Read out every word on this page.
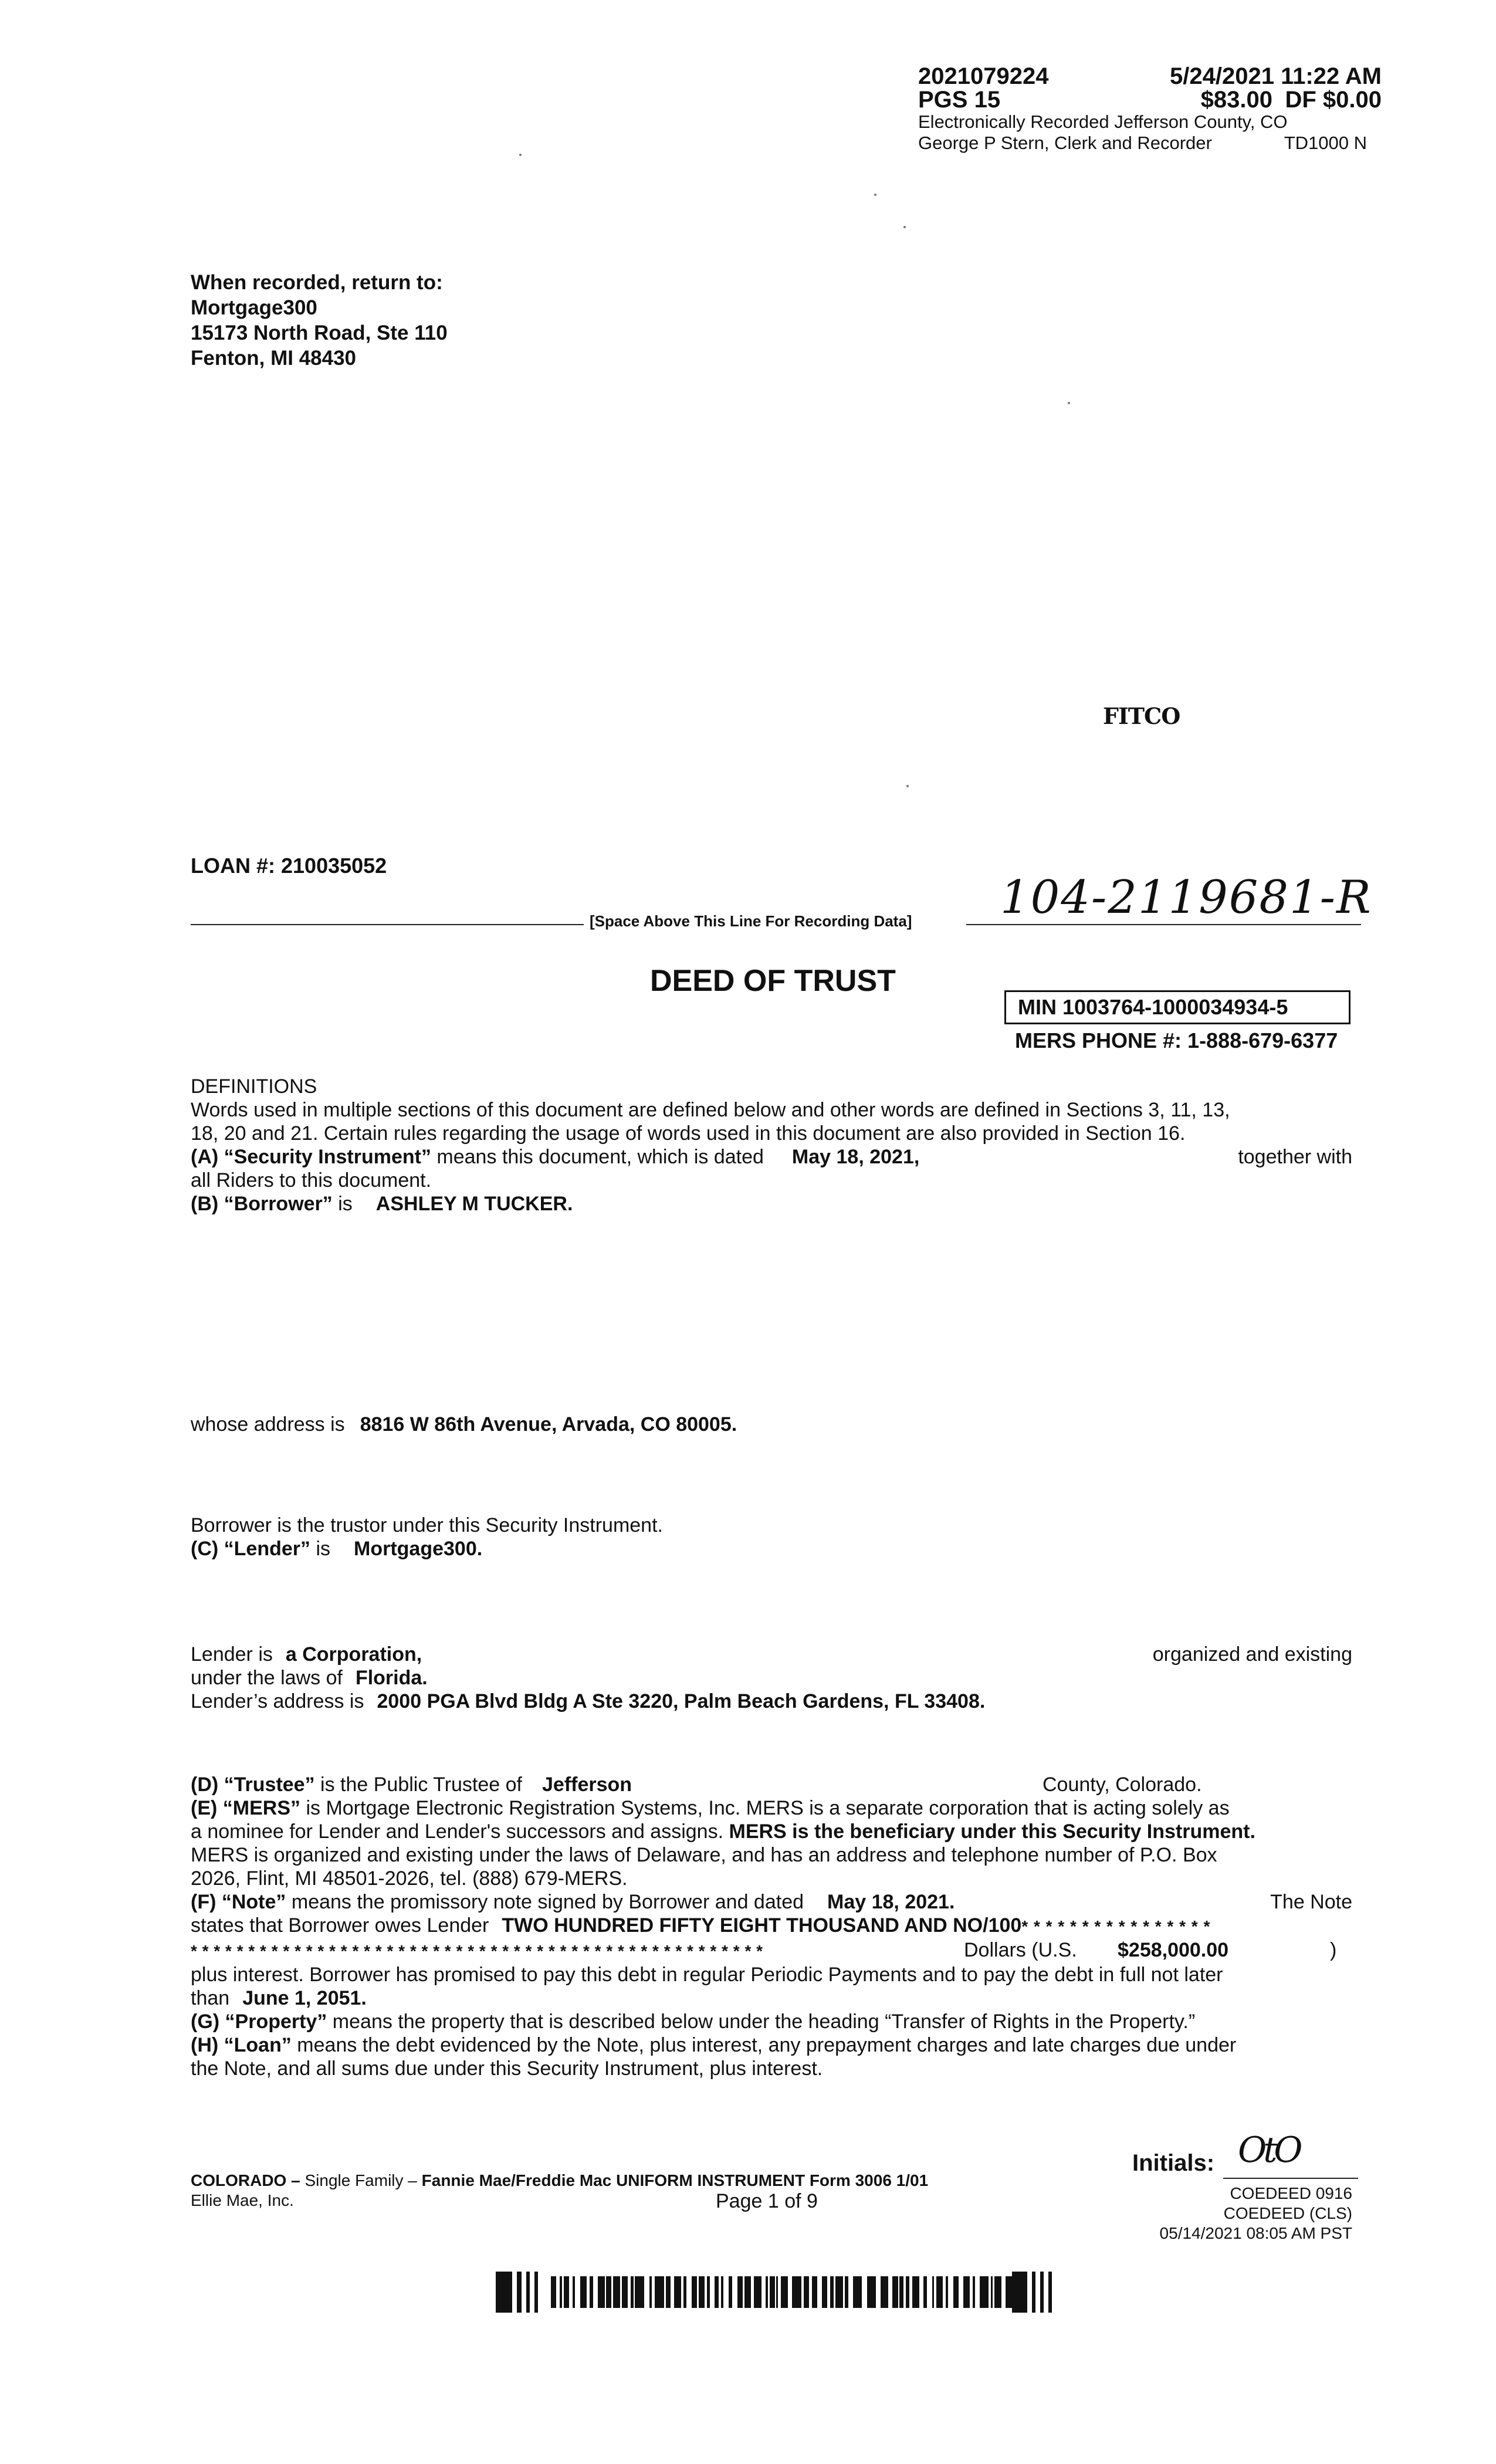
2021079224	5/24/2021 11:22 AM
PGS 15	$83.00 DF $0.00
Electronically Recorded Jefferson County, CO
George P Stern, Clerk and Recorder	TD1000 N
When recorded, return to:
Mortgage300
15173 North Road, Ste 110
Fenton, MI 48430
FITCO
LOAN #: 210035052
104-2119681-R
[Space Above This Line For Recording Data]
DEED OF TRUST
MIN 1003764-1000034934-5
MERS PHONE #: 1-888-679-6377
DEFINITIONS
Words used in multiple sections of this document are defined below and other words are defined in Sections 3, 11, 13,
18, 20 and 21. Certain rules regarding the usage of words used in this document are also provided in Section 16.
(A) “Security Instrument” means this document, which is dated May 18, 2021,	together with
all Riders to this document.
(B) “Borrower” is ASHLEY M TUCKER.
whose address is 8816 W 86th Avenue, Arvada, CO 80005.
Borrower is the trustor under this Security Instrument.
(C) “Lender” is Mortgage300.
Lender is a Corporation,	organized and existing
under the laws of Florida.
Lender’s address is 2000 PGA Blvd Bldg A Ste 3220, Palm Beach Gardens, FL 33408.
(D) “Trustee” is the Public Trustee of Jefferson	County, Colorado.
(E) “MERS” is Mortgage Electronic Registration Systems, Inc. MERS is a separate corporation that is acting solely as
a nominee for Lender and Lender's successors and assigns. MERS is the beneficiary under this Security Instrument.
MERS is organized and existing under the laws of Delaware, and has an address and telephone number of P.O. Box
2026, Flint, MI 48501-2026, tel. (888) 679-MERS.
(F) “Note” means the promissory note signed by Borrower and dated May 18, 2021.	The Note
states that Borrower owes Lender TWO HUNDRED FIFTY EIGHT THOUSAND AND NO/100* * * * * * * * * * * * * * * *
* * * * * * * * * * * * * * * * * * * * * * * * * * * * * * * * * * * * * * * * * * * * * * * * * *	Dollars (U.S. $258,000.00	)
plus interest. Borrower has promised to pay this debt in regular Periodic Payments and to pay the debt in full not later
than June 1, 2051.
(G) “Property” means the property that is described below under the heading “Transfer of Rights in the Property.”
(H) “Loan” means the debt evidenced by the Note, plus interest, any prepayment charges and late charges due under
the Note, and all sums due under this Security Instrument, plus interest.
COLORADO – Single Family – Fannie Mae/Freddie Mac UNIFORM INSTRUMENT Form 3006 1/01
Ellie Mae, Inc.	Page 1 of 9
Initials: OtO
COEDEED 0916
COEDEED (CLS)
05/14/2021 08:05 AM PST
